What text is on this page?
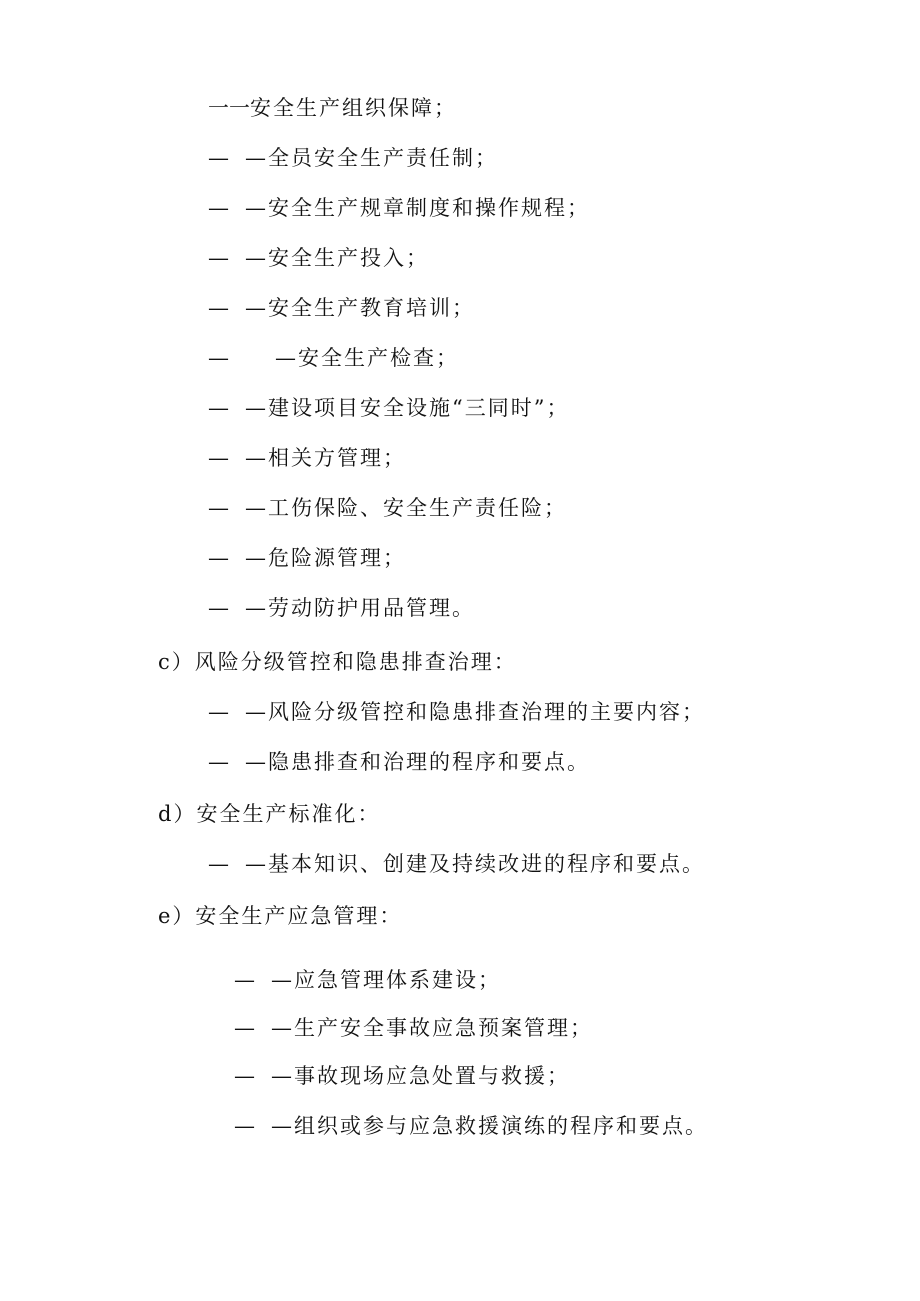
一一安全生产组织保障；
— —全员安全生产责任制；
— —安全生产规章制度和操作规程；
— —安全生产投入；
— —安全生产教育培训；
— —安全生产检查；
— —建设项目安全设施“三同时”；
— —相关方管理；
— —工伤保险、安全生产责任险；
— —危险源管理；
— —劳动防护用品管理。
c）风险分级管控和隐患排查治理：
— —风险分级管控和隐患排查治理的主要内容；
— —隐患排查和治理的程序和要点。
d）安全生产标准化：
— —基本知识、创建及持续改进的程序和要点。
e）安全生产应急管理：
— —应急管理体系建设；
— —生产安全事故应急预案管理；
— —事故现场应急处置与救援；
— —组织或参与应急救援演练的程序和要点。
